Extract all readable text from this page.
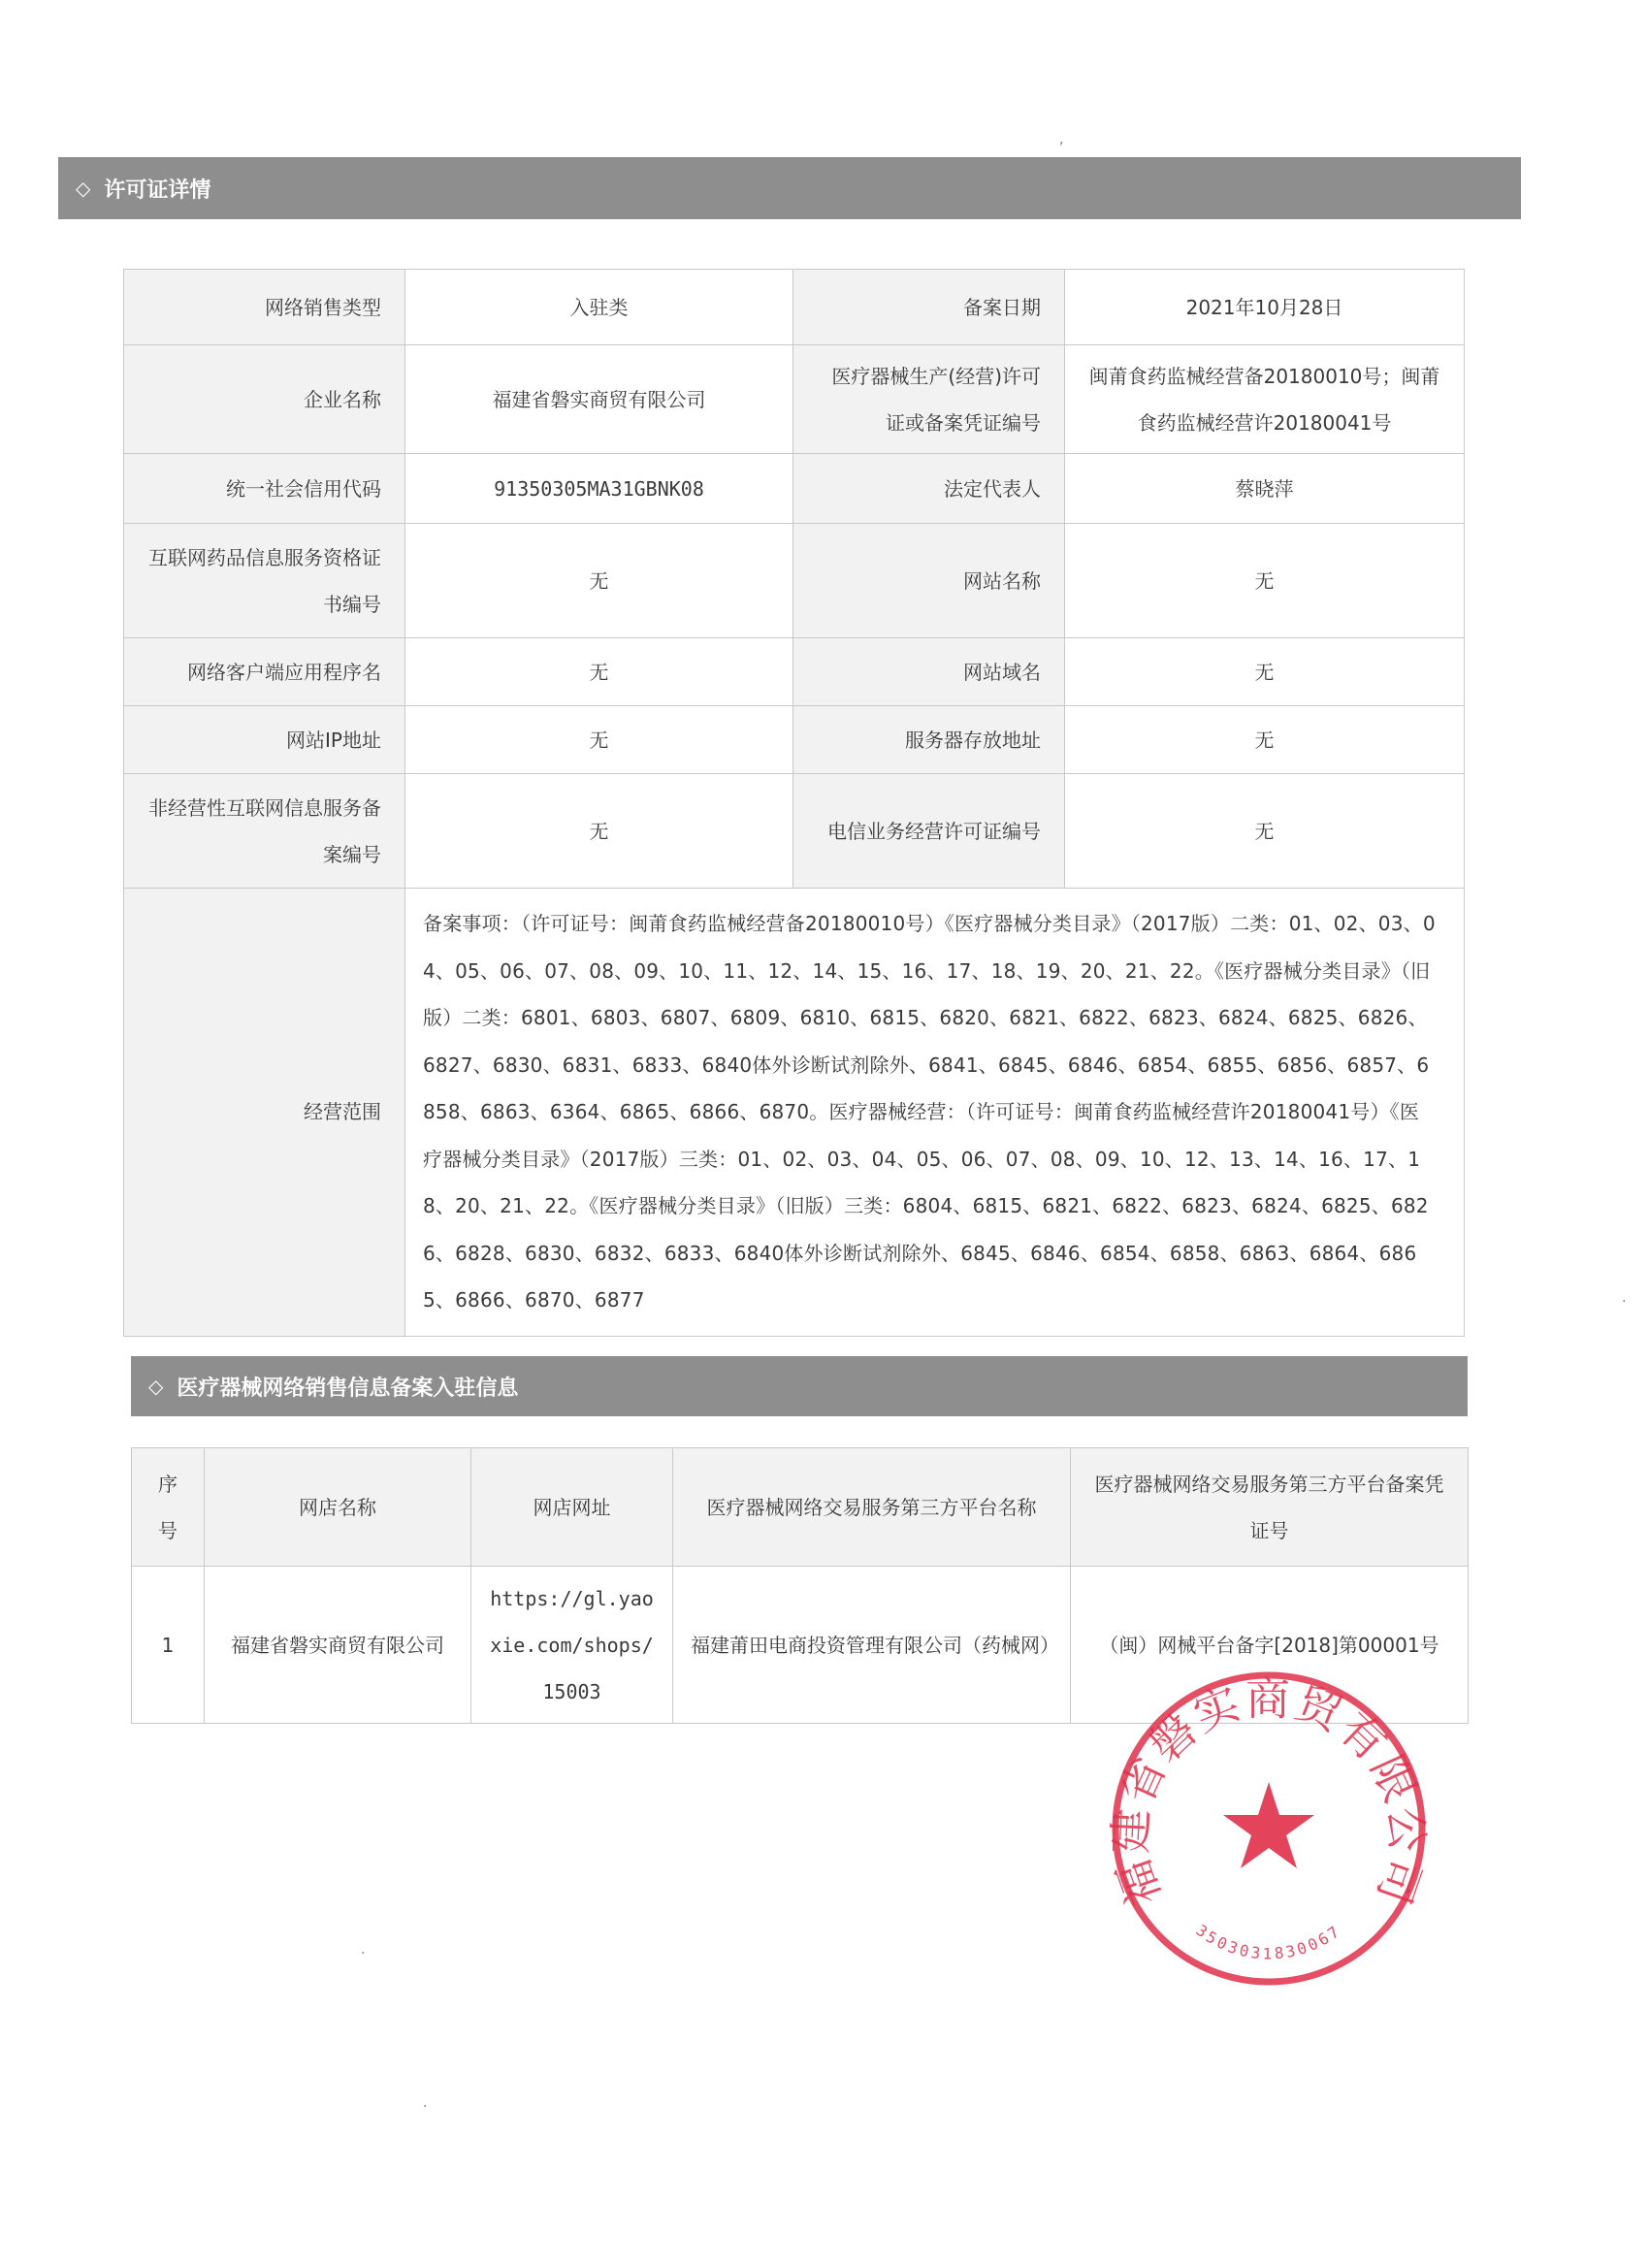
◇ 许可证详情
网络销售类型	入驻类	备案日期	2021年10月28日
企业名称	福建省磐实商贸有限公司	医疗器械生产(经营)许可证或备案凭证编号	闽莆食药监械经营备20180010号；闽莆食药监械经营许20180041号
统一社会信用代码	91350305MA31GBNK08	法定代表人	蔡晓萍
互联网药品信息服务资格证书编号	无	网站名称	无
网络客户端应用程序名	无	网站域名	无
网站IP地址	无	服务器存放地址	无
非经营性互联网信息服务备案编号	无	电信业务经营许可证编号	无
经营范围	备案事项：（许可证号：闽莆食药监械经营备20180010号）《医疗器械分类目录》（2017版）二类：01、02、03、04、05、06、07、08、09、10、11、12、14、15、16、17、18、19、20、21、22。《医疗器械分类目录》（旧版）二类：6801、6803、6807、6809、6810、6815、6820、6821、6822、6823、6824、6825、6826、6827、6830、6831、6833、6840体外诊断试剂除外、6841、6845、6846、6854、6855、6856、6857、6858、6863、6364、6865、6866、6870。医疗器械经营：（许可证号：闽莆食药监械经营许20180041号）《医疗器械分类目录》（2017版）三类：01、02、03、04、05、06、07、08、09、10、12、13、14、16、17、18、20、21、22。《医疗器械分类目录》（旧版）三类：6804、6815、6821、6822、6823、6824、6825、6826、6828、6830、6832、6833、6840体外诊断试剂除外、6845、6846、6854、6858、6863、6864、6865、6866、6870、6877		
◇ 医疗器械网络销售信息备案入驻信息
序号	网店名称	网店网址	医疗器械网络交易服务第三方平台名称	医疗器械网络交易服务第三方平台备案凭证号
1	福建省磐实商贸有限公司	https://gl.yaoxie.com/shops/15003	福建莆田电商投资管理有限公司（药械网）	（闽）网械平台备字[2018]第00001号
福建省磐实商贸有限公司
3503031830067
,
.
.
.
